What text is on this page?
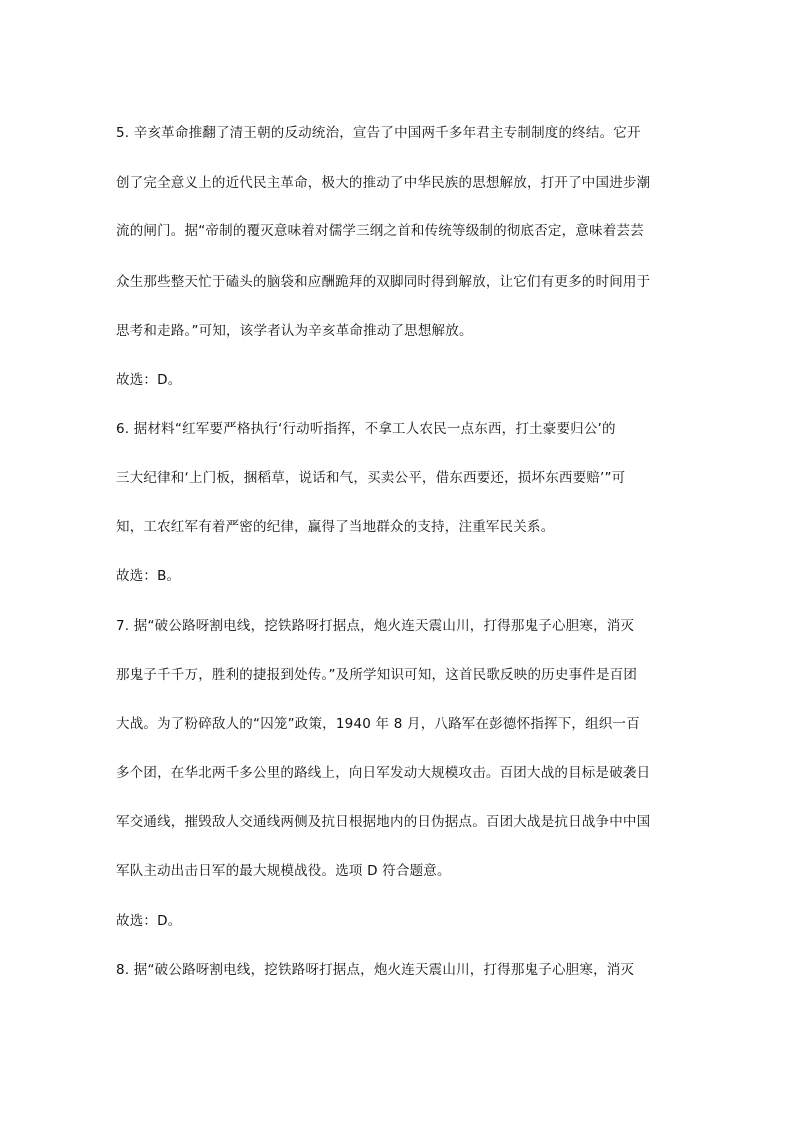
5. 辛亥革命推翻了清王朝的反动统治，宣告了中国两千多年君主专制制度的终结。它开
创了完全意义上的近代民主革命，极大的推动了中华民族的思想解放，打开了中国进步潮
流的闸门。据“帝制的覆灭意味着对儒学三纲之首和传统等级制的彻底否定，意味着芸芸
众生那些整天忙于磕头的脑袋和应酬跪拜的双脚同时得到解放，让它们有更多的时间用于
思考和走路。”可知，该学者认为辛亥革命推动了思想解放。
故选：D。
6. 据材料“红军要严格执行‘行动听指挥，不拿工人农民一点东西，打土豪要归公’的
三大纪律和‘上门板，捆稻草，说话和气，买卖公平，借东西要还，损坏东西要赔’”可
知，工农红军有着严密的纪律，赢得了当地群众的支持，注重军民关系。
故选：B。
7. 据“破公路呀割电线，挖铁路呀打据点，炮火连天震山川，打得那鬼子心胆寒，消灭
那鬼子千千万，胜利的捷报到处传。”及所学知识可知，这首民歌反映的历史事件是百团
大战。为了粉碎敌人的“囚笼”政策，1940 年 8 月，八路军在彭德怀指挥下，组织一百
多个团，在华北两千多公里的路线上，向日军发动大规模攻击。百团大战的目标是破袭日
军交通线，摧毁敌人交通线两侧及抗日根据地内的日伪据点。百团大战是抗日战争中中国
军队主动出击日军的最大规模战役。选项 D 符合题意。
故选：D。
8. 据“破公路呀割电线，挖铁路呀打据点，炮火连天震山川，打得那鬼子心胆寒，消灭
